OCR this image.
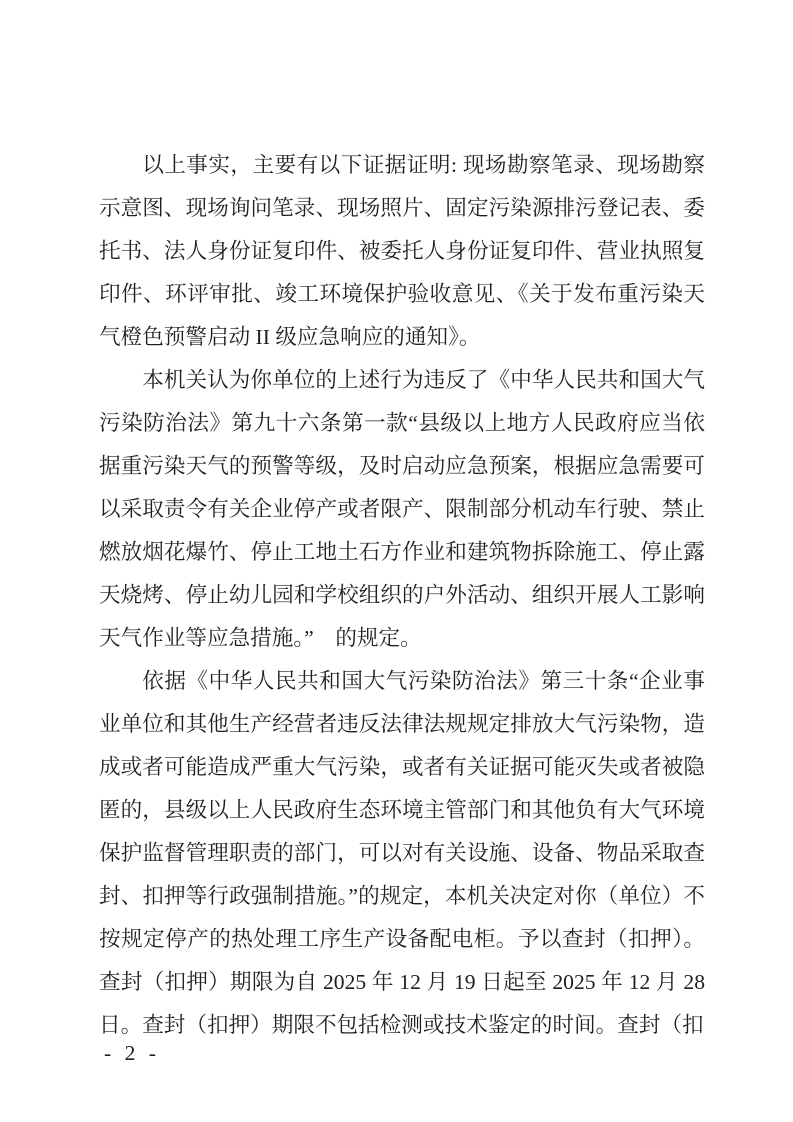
以上事实，主要有以下证据证明: 现场勘察笔录、现场勘察示意图、现场询问笔录、现场照片、固定污染源排污登记表、委托书、法人身份证复印件、被委托人身份证复印件、营业执照复印件、环评审批、竣工环境保护验收意见、《关于发布重污染天气橙色预警启动 II 级应急响应的通知》。

本机关认为你单位的上述行为违反了《中华人民共和国大气污染防治法》第九十六条第一款“县级以上地方人民政府应当依据重污染天气的预警等级，及时启动应急预案，根据应急需要可以采取责令有关企业停产或者限产、限制部分机动车行驶、禁止燃放烟花爆竹、停止工地土石方作业和建筑物拆除施工、停止露天烧烤、停止幼儿园和学校组织的户外活动、组织开展人工影响天气作业等应急措施。”　的规定。

依据《中华人民共和国大气污染防治法》第三十条“企业事业单位和其他生产经营者违反法律法规规定排放大气污染物，造成或者可能造成严重大气污染，或者有关证据可能灭失或者被隐匿的，县级以上人民政府生态环境主管部门和其他负有大气环境保护监督管理职责的部门，可以对有关设施、设备、物品采取查封、扣押等行政强制措施。”的规定，本机关决定对你（单位）不按规定停产的热处理工序生产设备配电柜。予以查封（扣押）。查封（扣押）期限为自 2025 年 12 月 19 日起至 2025 年 12 月 28 日。查封（扣押）期限不包括检测或技术鉴定的时间。查封（扣

- 2 -
